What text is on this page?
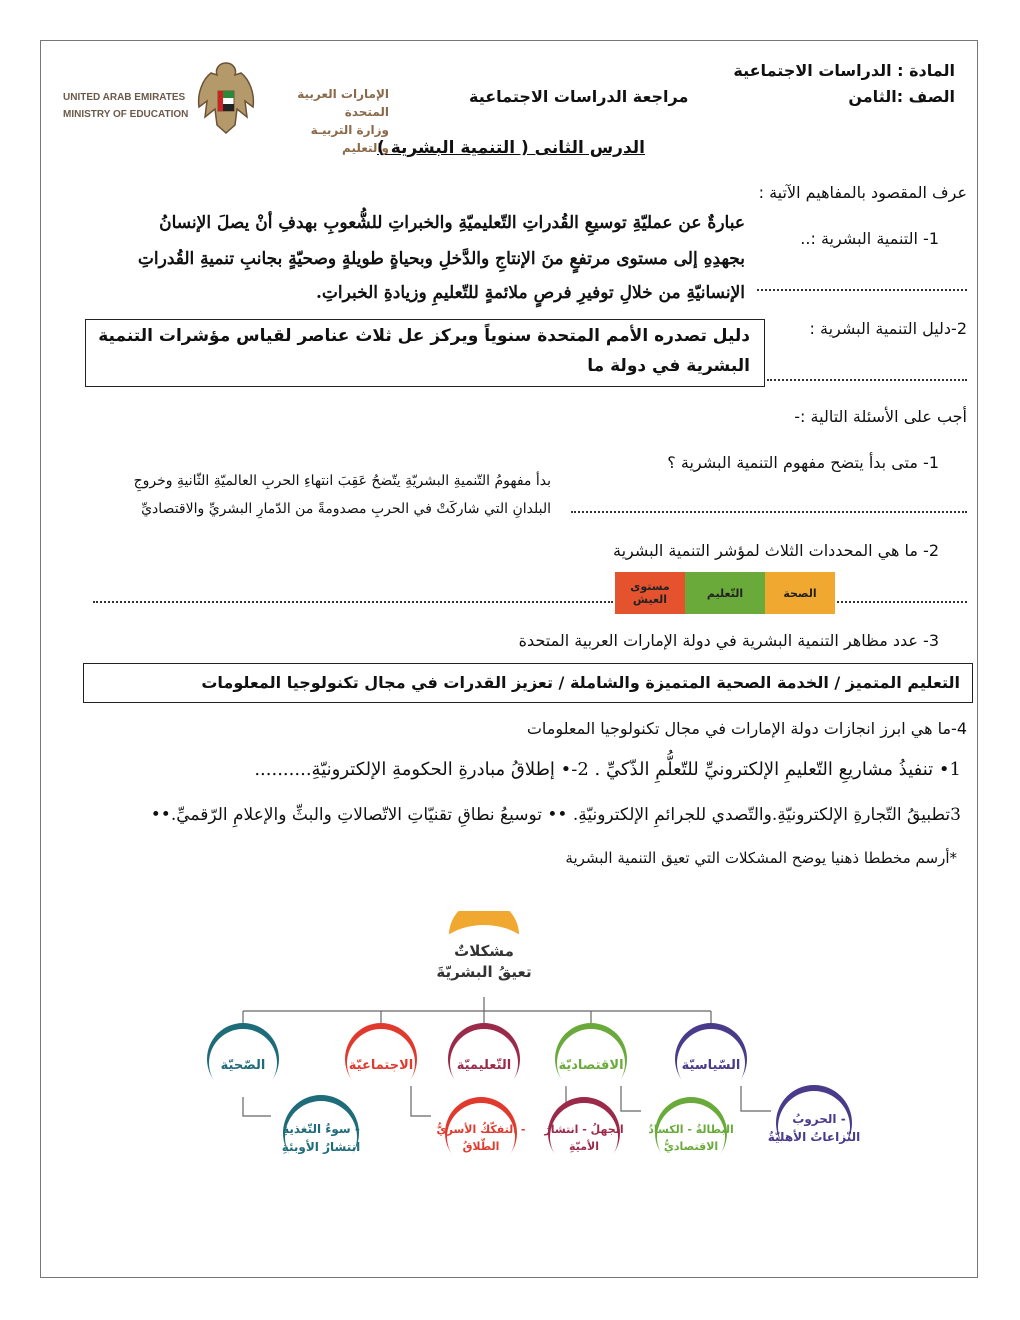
UNITED ARAB EMIRATES
MINISTRY OF EDUCATION
الإمارات العربية المتحدة
وزارة التربيـة والتعليم
المادة : الدراسات الاجتماعية
الصف :الثامن
مراجعة الدراسات الاجتماعية
الدرس الثانى ( التنمية البشرية )
عرف المقصود بالمفاهيم الآتية :
1- التنمية البشرية :..
عبارةٌ عن عمليّةِ توسيعِ القُدراتِ التّعليميّةِ والخبراتِ للشُّعوبِ بهدفِ أنْ يصلَ الإنسانُ
بجهدِهِ إلى مستوى مرتفعٍ منَ الإنتاجِ والدَّخلِ وبحياةٍ طويلةٍ وصحيّةٍ بجانبِ تنميةِ القُدراتِ
الإنسانيّةِ من خلالِ توفيرِ فرصٍ ملائمةٍ للتّعليمِ وزيادةِ الخبراتِ.
2-دليل التنمية البشرية :
دليل تصدره الأمم المتحدة سنوياً ويركز عل ثلاث عناصر لقياس مؤشرات التنمية
البشرية في دولة ما
أجب على الأسئلة التالية :-
1- متى بدأ يتضح مفهوم التنمية البشرية ؟
بدأ مفهومُ التّنميةِ البشريّةِ يتّضحُ عَقِبَ انتهاءِ الحربِ العالميّةِ الثّانيةِ وخروجِ
البلدانِ التي شاركَتْ في الحربِ مصدومةً من الدّمارِ البشريِّ والاقتصاديِّ
2- ما هي المحددات الثلاث لمؤشر التنمية البشرية
الصحة
التّعليم
مستوى العيش
3- عدد مظاهر التنمية البشرية في دولة الإمارات العربية المتحدة
التعليم المتميز / الخدمة الصحية المتميزة والشاملة / تعزيز القدرات في مجال تكنولوجيا المعلومات
4-ما هي ابرز انجازات دولة الإمارات في مجال تكنولوجيا المعلومات
1• تنفيذُ مشاريعِ التّعليمِ الإلكترونيِّ للتّعلُّمِ الذّكيِّ . 2-• إطلاقُ مبادرةِ الحكومةِ الإلكترونيّةِ..........
3تطبيقُ التّجارةِ الإلكترونيّةِ.والتّصدي للجرائمِ الإلكترونيّةِ. •• توسيعُ نطاقِ تقنيّاتِ الاتّصالاتِ والبثِّ والإعلامِ الرّقميِّ.••
*أرسم مخططا ذهنيا يوضح المشكلات التي تعيق التنمية البشرية
مشكلاتٌ
تعيقُ البشريّةَ
الصّحيّة	الاجتماعيّة	التّعليميّة	الاقتصاديّة	السّياسيّة
سوءُ التّغذيةِ -
انتشارُ الأوبئةِ
التفكّكُ الأسريُّ -
الطّلاقُ
الجهلُ - انتشارُ
الأميّةِ
البطالةُ - الكسادُ
الاقتصاديُّ
الحروبُ -
النّزاعاتُ الأهليّةُ
